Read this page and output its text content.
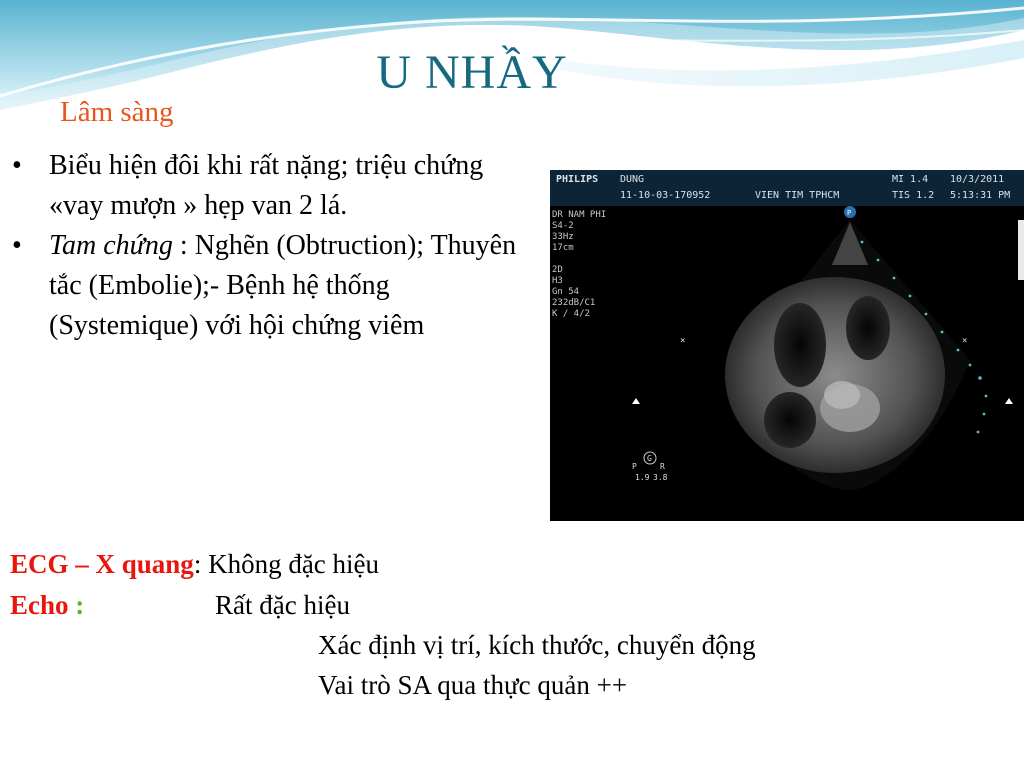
U NHẦY
Lâm sàng
• Biểu hiện đôi khi rất nặng; triệu chứng «vay mượn » hẹp van 2 lá.
• Tam chứng : Nghẽn (Obtruction); Thuyên tắc (Embolie);- Bệnh hệ thống (Systemique) với hội chứng viêm
PHILIPS DUNG
11-10-03-170952	VIEN TIM TPHCM
MI 1.4
TIS 1.2
10/3/2011
5:13:31 PM
DR NAM PHI
S4-2
33Hz
17cm
2D
H3
Gn 54
232dB/C1
K / 4/2
P
×	×
G
P	R
1.9 3.8
ECG – X quang: Không đặc hiệu
Echo :	Rất đặc hiệu
Xác định vị trí, kích thước, chuyển động
Vai trò SA qua thực quản ++
